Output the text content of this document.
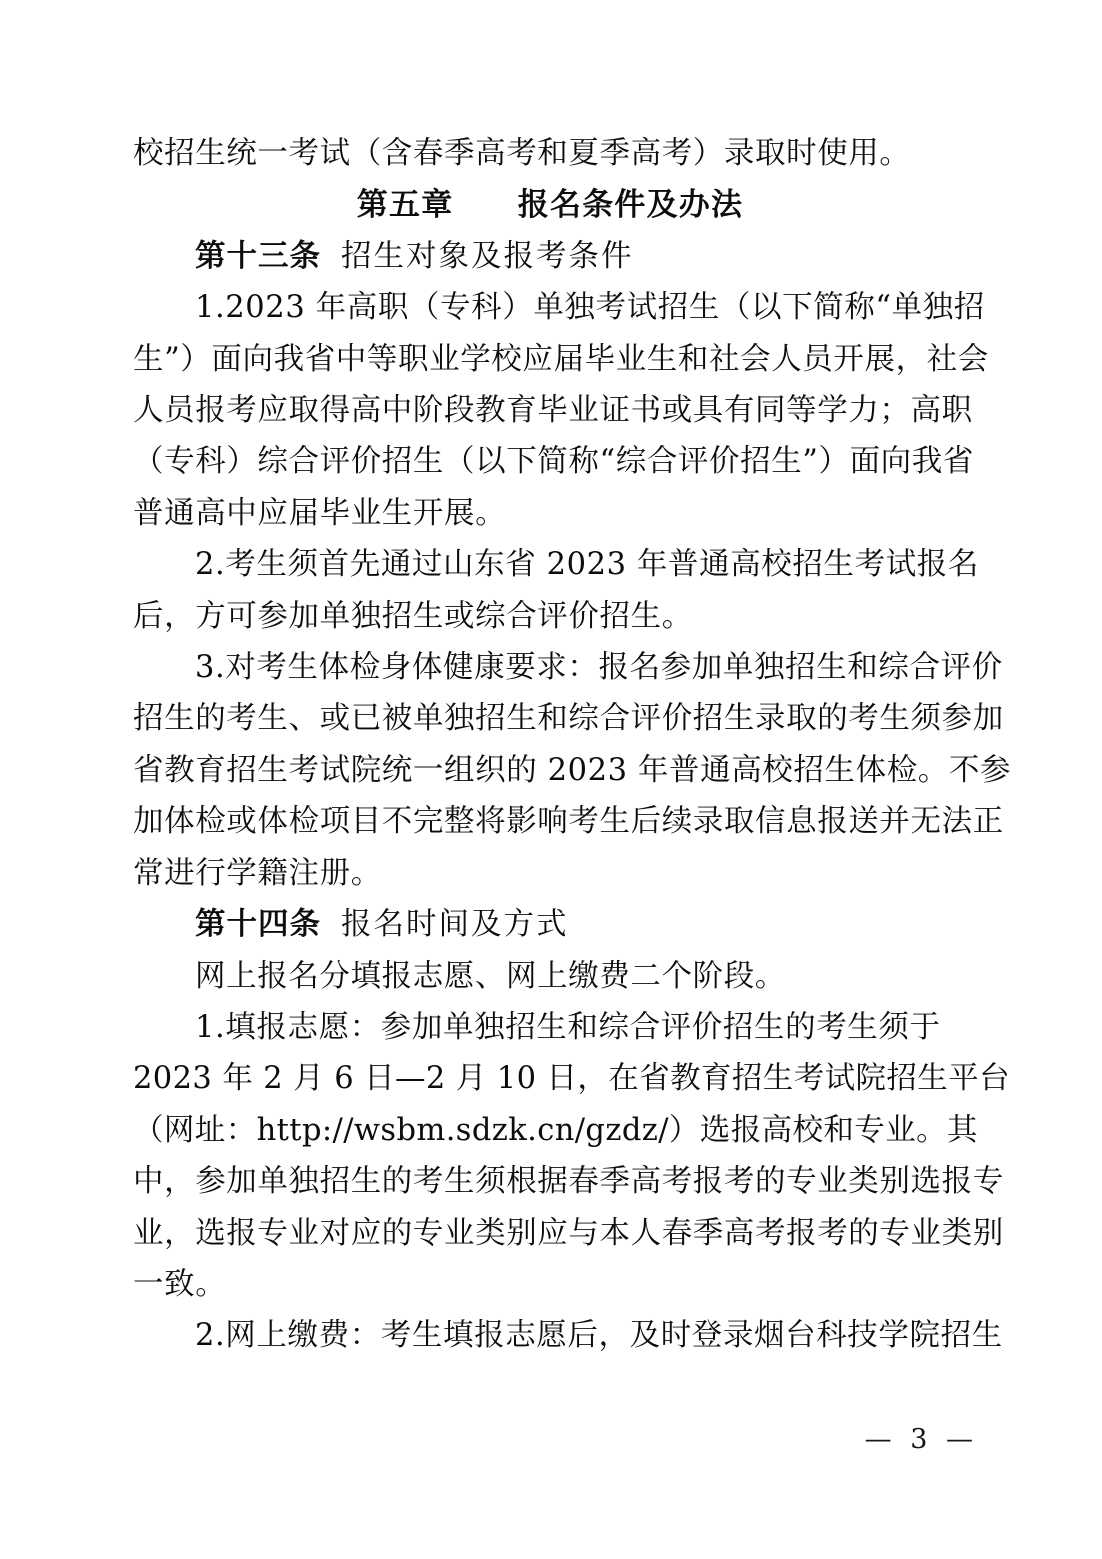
校招生统一考试（含春季高考和夏季高考）录取时使用。
第五章　　报名条件及办法
第十三条 招生对象及报考条件
1.2023 年高职（专科）单独考试招生（以下简称“单独招
生”）面向我省中等职业学校应届毕业生和社会人员开展，社会
人员报考应取得高中阶段教育毕业证书或具有同等学力；高职
（专科）综合评价招生（以下简称“综合评价招生”）面向我省
普通高中应届毕业生开展。
2.考生须首先通过山东省 2023 年普通高校招生考试报名
后，方可参加单独招生或综合评价招生。
3.对考生体检身体健康要求：报名参加单独招生和综合评价
招生的考生、或已被单独招生和综合评价招生录取的考生须参加
省教育招生考试院统一组织的 2023 年普通高校招生体检。不参
加体检或体检项目不完整将影响考生后续录取信息报送并无法正
常进行学籍注册。
第十四条 报名时间及方式
网上报名分填报志愿、网上缴费二个阶段。
1.填报志愿：参加单独招生和综合评价招生的考生须于
2023 年 2 月 6 日—2 月 10 日，在省教育招生考试院招生平台
（网址：http://wsbm.sdzk.cn/gzdz/）选报高校和专业。其
中，参加单独招生的考生须根据春季高考报考的专业类别选报专
业，选报专业对应的专业类别应与本人春季高考报考的专业类别
一致。
2.网上缴费：考生填报志愿后，及时登录烟台科技学院招生
— 3 —
